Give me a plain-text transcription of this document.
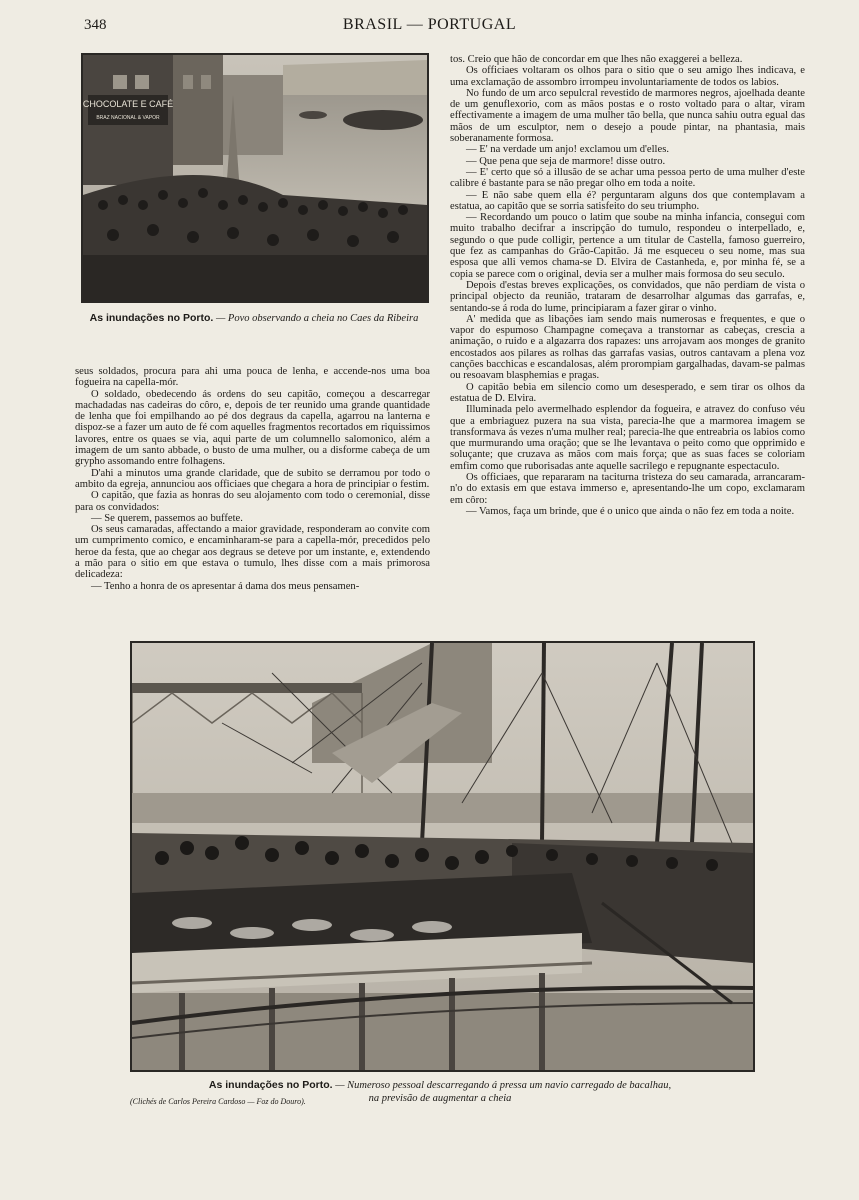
348	BRASIL — PORTUGAL
CHOCOLATE E CAFÉ
BRAZ NACIONAL & VAPOR
As inundações no Porto. — Povo observando a cheia no Caes da Ribeira

seus soldados, procura para ahi uma pouca de lenha, e accende-nos uma boa fogueira na capella-mór.

O soldado, obedecendo ás ordens do seu capitão, começou a descarregar machadadas nas cadeiras do côro, e, depois de ter reunido uma grande quantidade de lenha que foi empilhando ao pé dos degraus da capella, agarrou na lanterna e dispoz-se a fazer um auto de fé com aquelles fragmentos recortados em riquissimos lavores, entre os quaes se via, aqui parte de um columnello salomonico, além a imagem de um santo abbade, o busto de uma mulher, ou a disforme cabeça de um grypho assomando entre folhagens.

D'ahi a minutos uma grande claridade, que de subito se derramou por todo o ambito da egreja, annunciou aos officiaes que chegara a hora de principiar o festim.

O capitão, que fazia as honras do seu alojamento com todo o ceremonial, disse para os convidados:

— Se querem, passemos ao buffete.

Os seus camaradas, affectando a maior gravidade, responderam ao convite com um cumprimento comico, e encaminharam-se para a capella-mór, precedidos pelo heroe da festa, que ao chegar aos degraus se deteve por um instante, e, extendendo a mão para o sitio em que estava o tumulo, lhes disse com a mais primorosa delicadeza:

— Tenho a honra de os apresentar á dama dos meus pensamen-

tos. Creio que hão de concordar em que lhes não exaggerei a belleza.

Os officiaes voltaram os olhos para o sitio que o seu amigo lhes indicava, e uma exclamação de assombro irrompeu involuntariamente de todos os labios.

No fundo de um arco sepulcral revestido de marmores negros, ajoelhada deante de um genuflexorio, com as mãos postas e o rosto voltado para o altar, viram effectivamente a imagem de uma mulher tão bella, que nunca sahiu outra egual das mãos de um esculptor, nem o desejo a poude pintar, na phantasia, mais soberanamente formosa.

— E' na verdade um anjo! exclamou um d'elles.

— Que pena que seja de marmore! disse outro.

— E' certo que só a illusão de se achar uma pessoa perto de uma mulher d'este calibre é bastante para se não pregar olho em toda a noite.

— E não sabe quem ella é? perguntaram alguns dos que contemplavam a estatua, ao capitão que se sorria satisfeito do seu triumpho.

— Recordando um pouco o latim que soube na minha infancia, consegui com muito trabalho decifrar a inscripção do tumulo, respondeu o interpellado, e, segundo o que pude colligir, pertence a um titular de Castella, famoso guerreiro, que fez as campanhas do Grão-Capitão. Já me esqueceu o seu nome, mas sua esposa que alli vemos chama-se D. Elvira de Castanheda, e, por minha fé, se a copia se parece com o original, devia ser a mulher mais formosa do seu seculo.

Depois d'estas breves explicações, os convidados, que não perdiam de vista o principal objecto da reunião, trataram de desarrolhar algumas das garrafas, e, sentando-se á roda do lume, principiaram a fazer girar o vinho.

A' medida que as libações iam sendo mais numerosas e frequentes, e que o vapor do espumoso Champagne começava a transtornar as cabeças, crescia a animação, o ruido e a algazarra dos rapazes: uns arrojavam aos monges de granito encostados aos pilares as rolhas das garrafas vasias, outros cantavam a plena voz canções bacchicas e escandalosas, além prorompiam gargalhadas, davam-se palmas ou resoavam blasphemias e pragas.

O capitão bebia em silencio como um desesperado, e sem tirar os olhos da estatua de D. Elvira.

Illuminada pelo avermelhado esplendor da fogueira, e atravez do confuso véu que a embriaguez puzera na sua vista, parecia-lhe que a marmorea imagem se transformava ás vezes n'uma mulher real; parecia-lhe que entreabria os labios como que murmurando uma oração; que se lhe levantava o peito como que opprimido e soluçante; que cruzava as mãos com mais força; que as suas faces se coloriam emfim como que ruborisadas ante aquelle sacrilego e repugnante espectaculo.

Os officiaes, que repararam na taciturna tristeza do seu camarada, arrancaram-n'o do extasis em que estava immerso e, apresentando-lhe um copo, exclamaram em côro:

— Vamos, faça um brinde, que é o unico que ainda o não fez em toda a noite.

As inundações no Porto. — Numeroso pessoal descarregando á pressa um navio carregado de bacalhau,
na previsão de augmentar a cheia
(Clichés de Carlos Pereira Cardoso — Foz do Douro).
